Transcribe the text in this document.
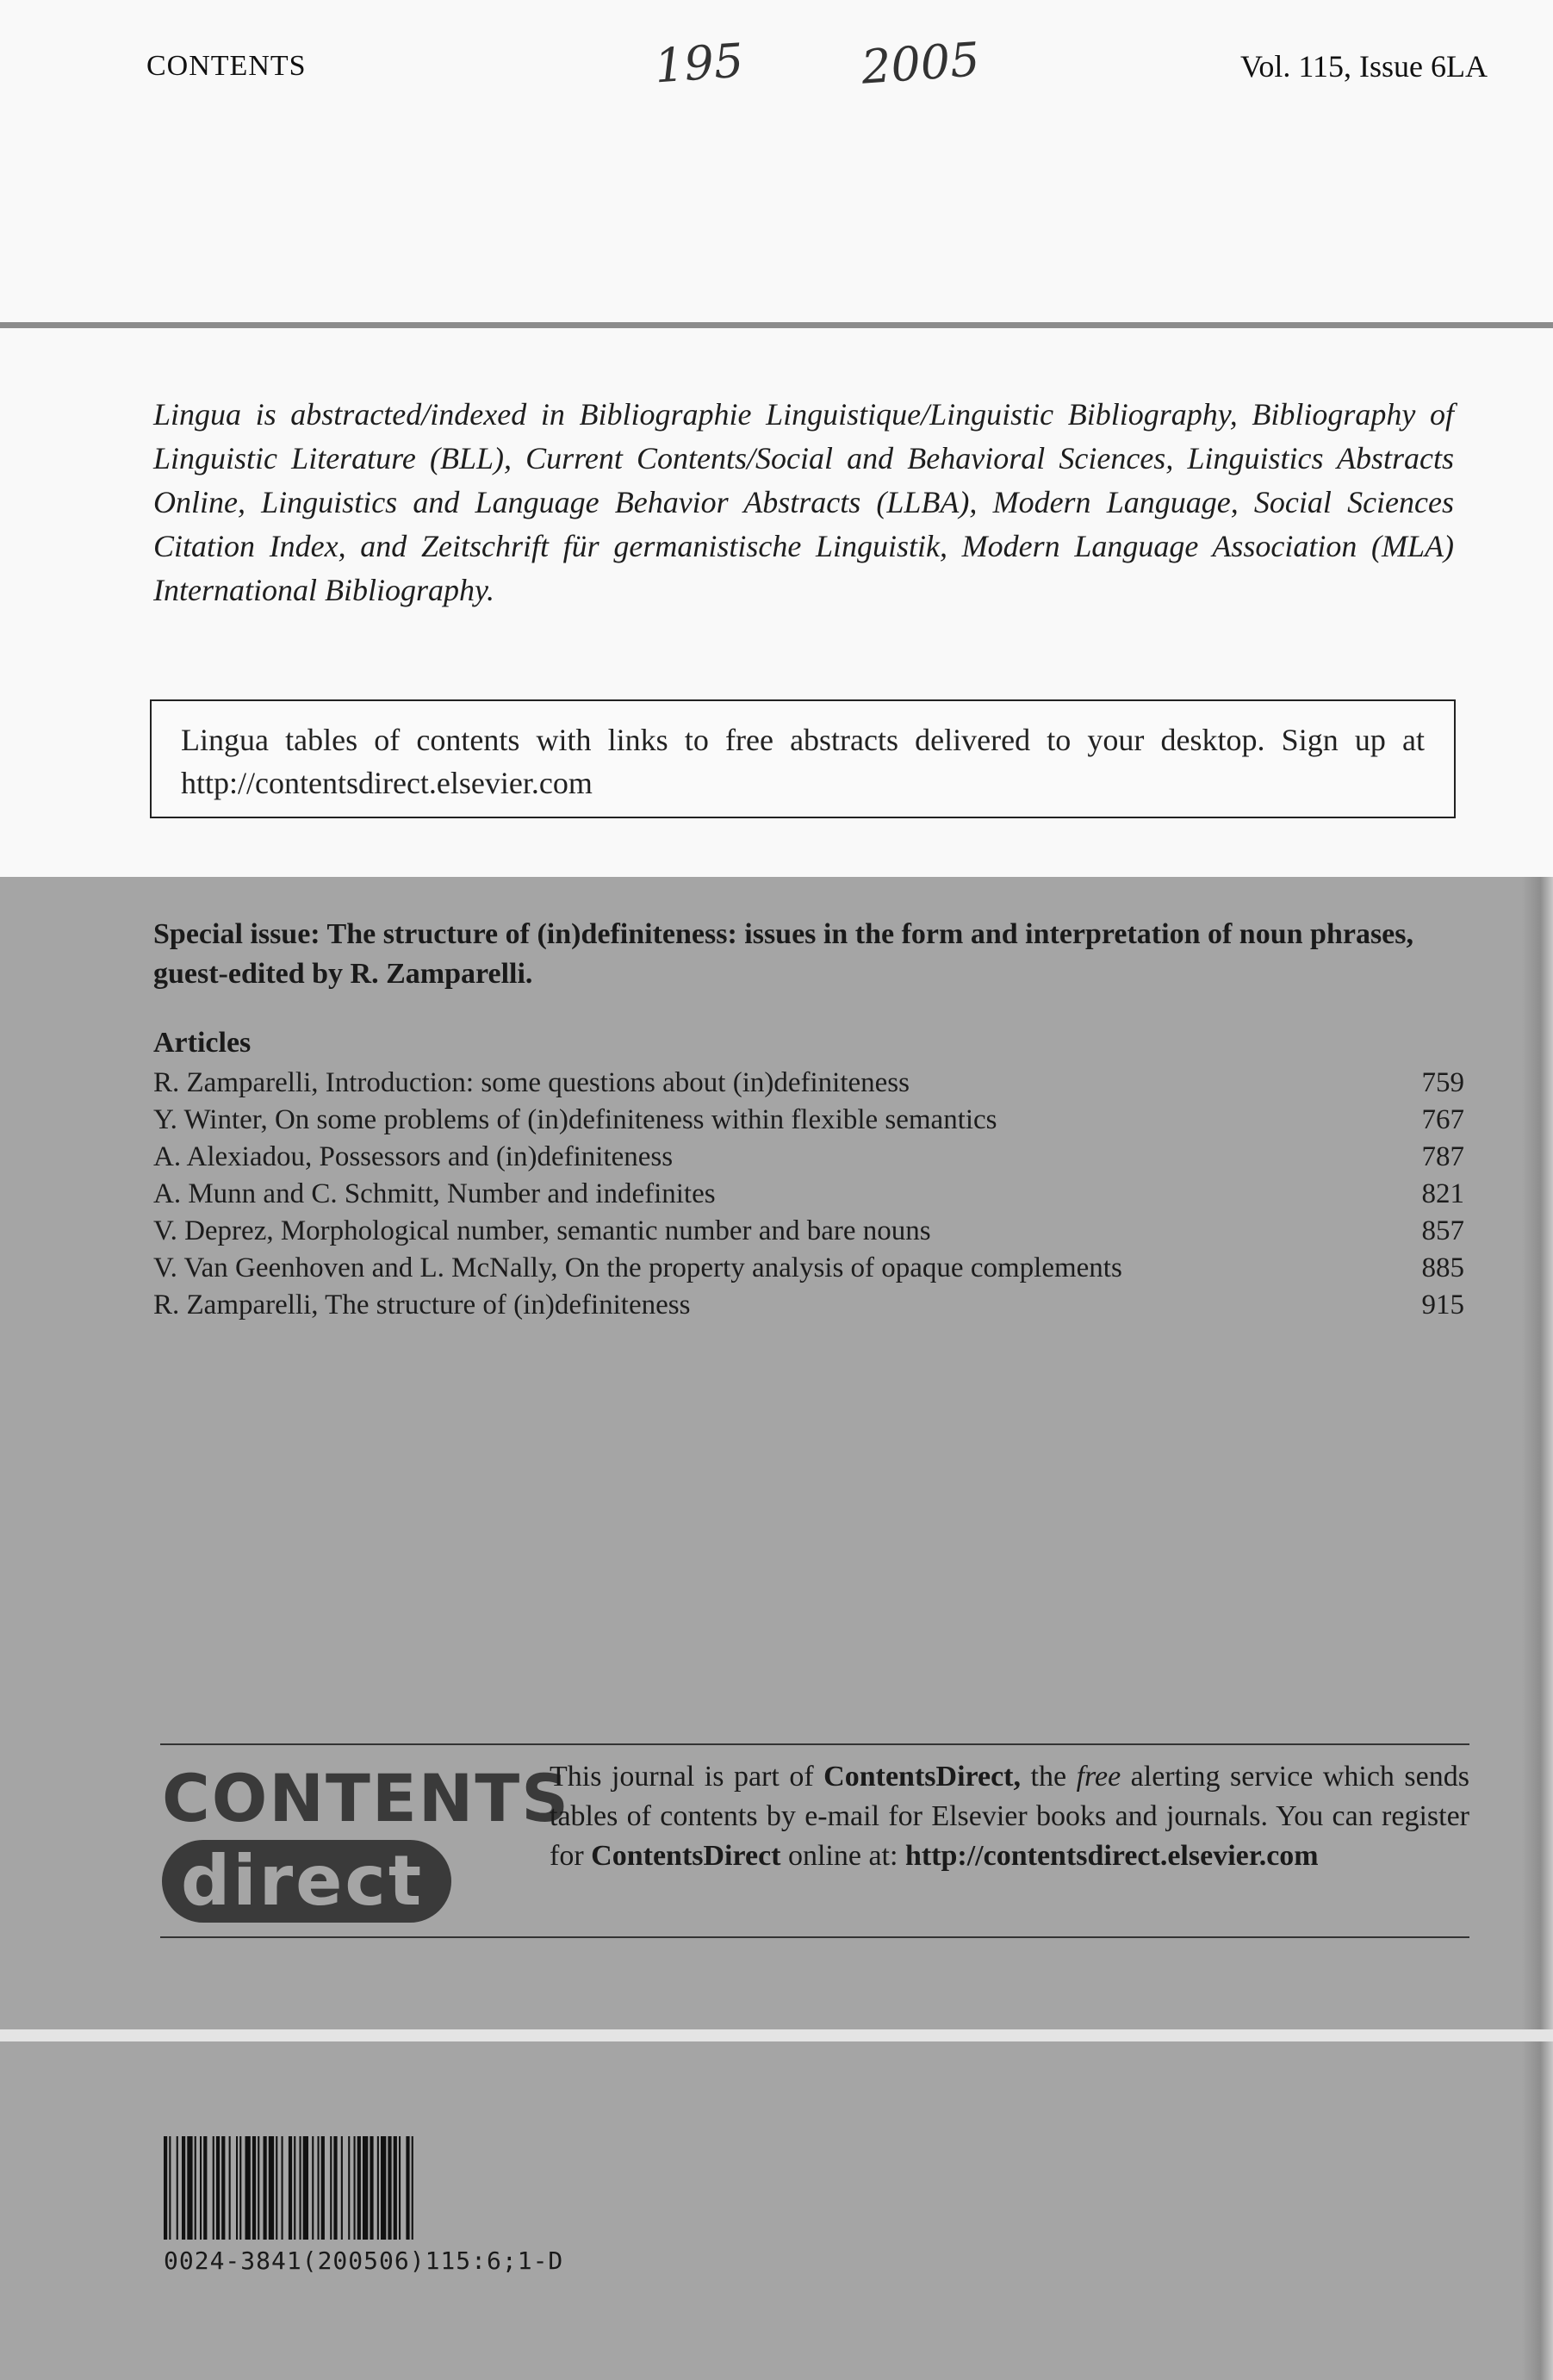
CONTENTS	195 2005	Vol. 115, Issue 6LA
Lingua is abstracted/indexed in Bibliographie Linguistique/Linguistic Bibliography, Bibliography of Linguistic Literature (BLL), Current Contents/Social and Behavioral Sciences, Linguistics Abstracts Online, Linguistics and Language Behavior Abstracts (LLBA), Modern Language, Social Sciences Citation Index, and Zeitschrift für germanistische Linguistik, Modern Language Association (MLA) International Bibliography.
Lingua tables of contents with links to free abstracts delivered to your desktop. Sign up at http://contentsdirect.elsevier.com
Special issue: The structure of (in)definiteness: issues in the form and interpretation of noun phrases, guest-edited by R. Zamparelli.
Articles
R. Zamparelli, Introduction: some questions about (in)definiteness	759
Y. Winter, On some problems of (in)definiteness within flexible semantics	767
A. Alexiadou, Possessors and (in)definiteness	787
A. Munn and C. Schmitt, Number and indefinites	821
V. Deprez, Morphological number, semantic number and bare nouns	857
V. Van Geenhoven and L. McNally, On the property analysis of opaque complements	885
R. Zamparelli, The structure of (in)definiteness	915
CONTENTS
direct
This journal is part of ContentsDirect, the free alerting service which sends tables of contents by e-mail for Elsevier books and journals. You can register for ContentsDirect online at: http://contentsdirect.elsevier.com
0024-3841(200506)115:6;1-D
